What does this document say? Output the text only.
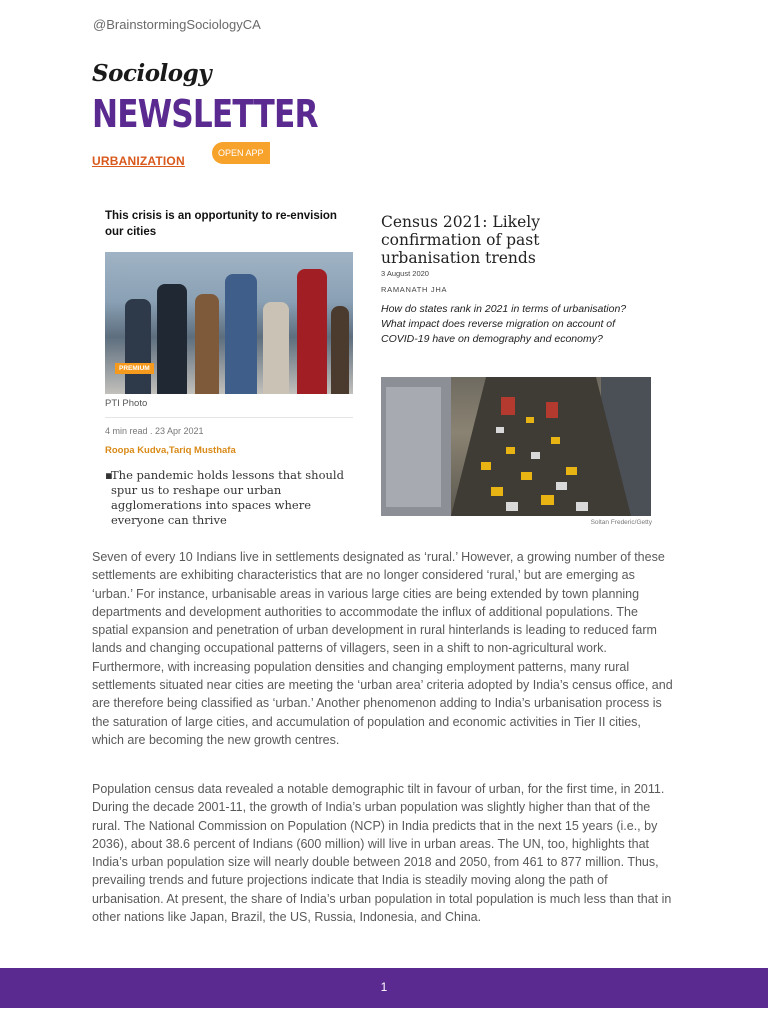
@BrainstormingSociologyCA
Sociology
NEWSLETTER
URBANIZATION
This crisis is an opportunity to re-envision our cities
PREMIUM
PTI Photo
4 min read . 23 Apr 2021
Roopa Kudva,Tariq Musthafa
▪
The pandemic holds lessons that should spur us to reshape our urban agglomerations into spaces where everyone can thrive
OPEN APP
Census 2021: Likely confirmation of past urbanisation trends
3 August 2020
RAMANATH JHA
How do states rank in 2021 in terms of urbanisation? What impact does reverse migration on account of COVID-19 have on demography and economy?
Soltan Frederic/Getty
Seven of every 10 Indians live in settlements designated as ‘rural.’ However, a growing number of these settlements are exhibiting characteristics that are no longer considered ‘rural,’ but are emerging as ‘urban.’ For instance, urbanisable areas in various large cities are being extended by town planning departments and development authorities to accommodate the influx of additional populations. The spatial expansion and penetration of urban development in rural hinterlands is leading to reduced farm lands and changing occupational patterns of villagers, seen in a shift to non-agricultural work. Furthermore, with increasing population densities and changing employment patterns, many rural settlements situated near cities are meeting the ‘urban area’ criteria adopted by India’s census office, and are therefore being classified as ‘urban.’ Another phenomenon adding to India’s urbanisation process is the saturation of large cities, and accumulation of population and economic activities in Tier II cities, which are becoming the new growth centres.
Population census data revealed a notable demographic tilt in favour of urban, for the first time, in 2011. During the decade 2001-11, the growth of India’s urban population was slightly higher than that of the rural. The National Commission on Population (NCP) in India predicts that in the next 15 years (i.e., by 2036), about 38.6 percent of Indians (600 million) will live in urban areas. The UN, too, highlights that India’s urban population size will nearly double between 2018 and 2050, from 461 to 877 million. Thus, prevailing trends and future projections indicate that India is steadily moving along the path of urbanisation. At present, the share of India’s urban population in total population is much less than that in other nations like Japan, Brazil, the US, Russia, Indonesia, and China.
1
